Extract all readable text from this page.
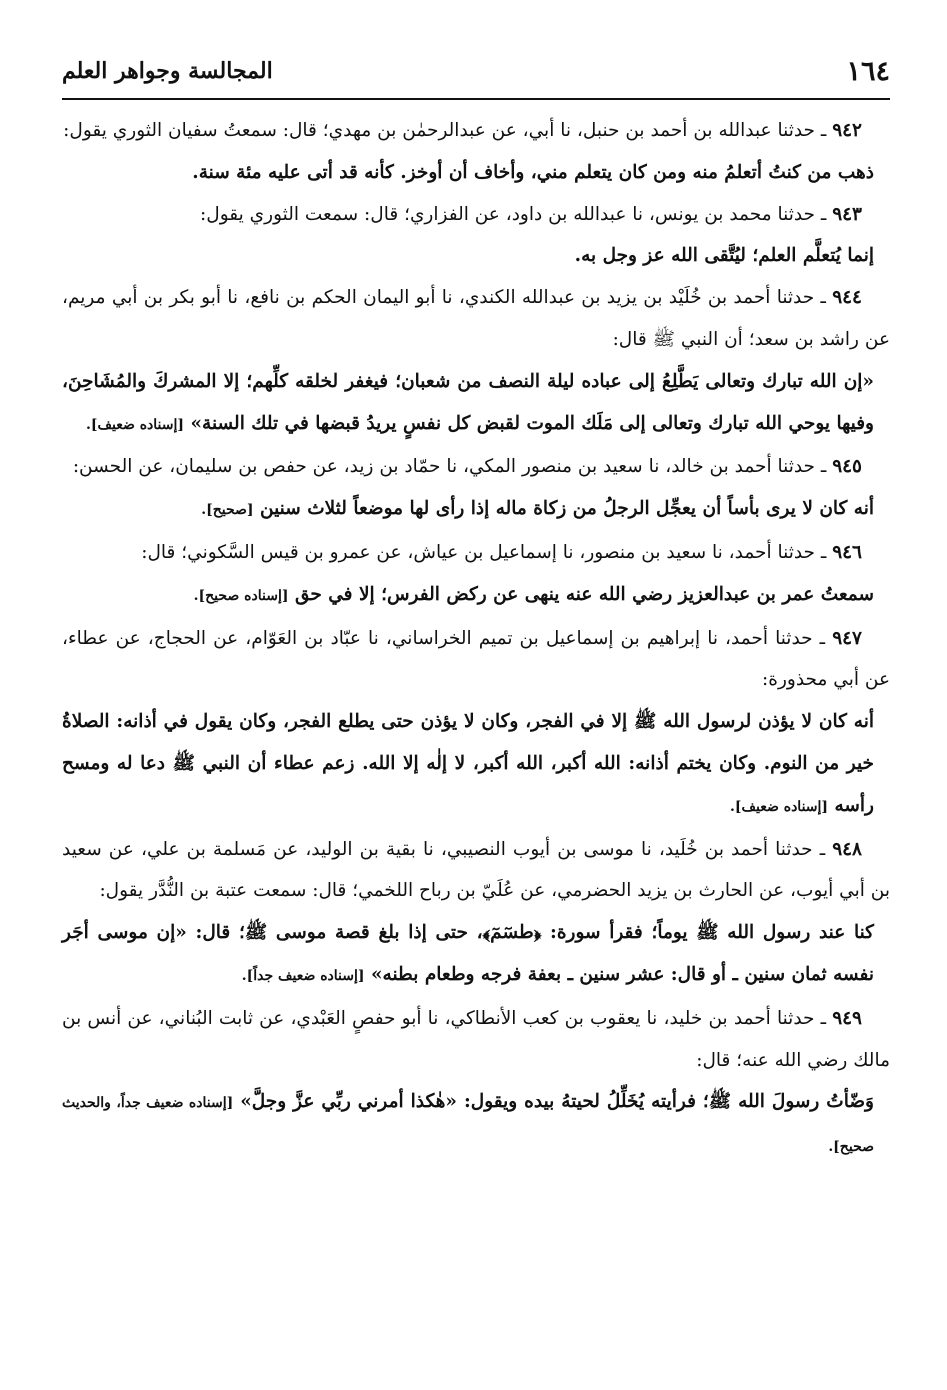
١٦٤
المجالسة وجواهر العلم

٩٤٢ ـ حدثنا عبدالله بن أحمد بن حنبل، نا أبي، عن عبدالرحمٰن بن مهدي؛ قال: سمعتُ سفيان الثوري يقول:

ذهب من كنتُ أتعلمُ منه ومن كان يتعلم مني، وأخاف أن أوخز. كأنه قد أتى عليه مئة سنة.

٩٤٣ ـ حدثنا محمد بن يونس، نا عبدالله بن داود، عن الفزاري؛ قال: سمعت الثوري يقول:

إنما يُتعلَّم العلم؛ ليُتَّقى الله عز وجل به.

٩٤٤ ـ حدثنا أحمد بن خُلَيْد بن يزيد بن عبدالله الكندي، نا أبو اليمان الحكم بن نافع، نا أبو بكر بن أبي مريم، عن راشد بن سعد؛ أن النبي ﷺ قال:

«إن الله تبارك وتعالى يَطَّلِعُ إلى عباده ليلة النصف من شعبان؛ فيغفر لخلقه كلِّهم؛ إلا المشركَ والمُشَاحِنَ، وفيها يوحي الله تبارك وتعالى إلى مَلَك الموت لقبض كل نفسٍ يريدُ قبضها في تلك السنة» [إسناده ضعيف].

٩٤٥ ـ حدثنا أحمد بن خالد، نا سعيد بن منصور المكي، نا حمّاد بن زيد، عن حفص بن سليمان، عن الحسن:

أنه كان لا يرى بأساً أن يعجِّل الرجلُ من زكاة ماله إذا رأى لها موضعاً لثلاث سنين [صحيح].

٩٤٦ ـ حدثنا أحمد، نا سعيد بن منصور، نا إسماعيل بن عياش، عن عمرو بن قيس السَّكوني؛ قال:

سمعتُ عمر بن عبدالعزيز رضي الله عنه ينهى عن ركض الفرس؛ إلا في حق [إسناده صحيح].

٩٤٧ ـ حدثنا أحمد، نا إبراهيم بن إسماعيل بن تميم الخراساني، نا عبّاد بن العَوّام، عن الحجاج، عن عطاء، عن أبي محذورة:

أنه كان لا يؤذن لرسول الله ﷺ إلا في الفجر، وكان لا يؤذن حتى يطلع الفجر، وكان يقول في أذانه: الصلاةُ خير من النوم. وكان يختم أذانه: الله أكبر، الله أكبر، لا إلٰه إلا الله. زعم عطاء أن النبي ﷺ دعا له ومسح رأسه [إسناده ضعيف].

٩٤٨ ـ حدثنا أحمد بن خُلَيد، نا موسى بن أيوب النصيبي، نا بقية بن الوليد، عن مَسلمة بن علي، عن سعيد بن أبي أيوب، عن الحارث بن يزيد الحضرمي، عن عُلَيّ بن رباح اللخمي؛ قال: سمعت عتبة بن النُّدَّر يقول:

كنا عند رسول الله ﷺ يوماً؛ فقرأ سورة: ﴿طسٓمٓ﴾، حتى إذا بلغ قصة موسى ﷺ؛ قال: «إن موسى أجَر نفسه ثمان سنين ـ أو قال: عشر سنين ـ بعفة فرجه وطعام بطنه» [إسناده ضعيف جداً].

٩٤٩ ـ حدثنا أحمد بن خليد، نا يعقوب بن كعب الأنطاكي، نا أبو حفصٍ العَبْدي، عن ثابت البُناني، عن أنس بن مالك رضي الله عنه؛ قال:

وَضّأتُ رسولَ الله ﷺ؛ فرأيته يُخَلِّلُ لحيتهُ بيده ويقول: «هٰكذا أمرني ربِّي عزَّ وجلَّ» [إسناده ضعيف جداً، والحديث صحيح].
